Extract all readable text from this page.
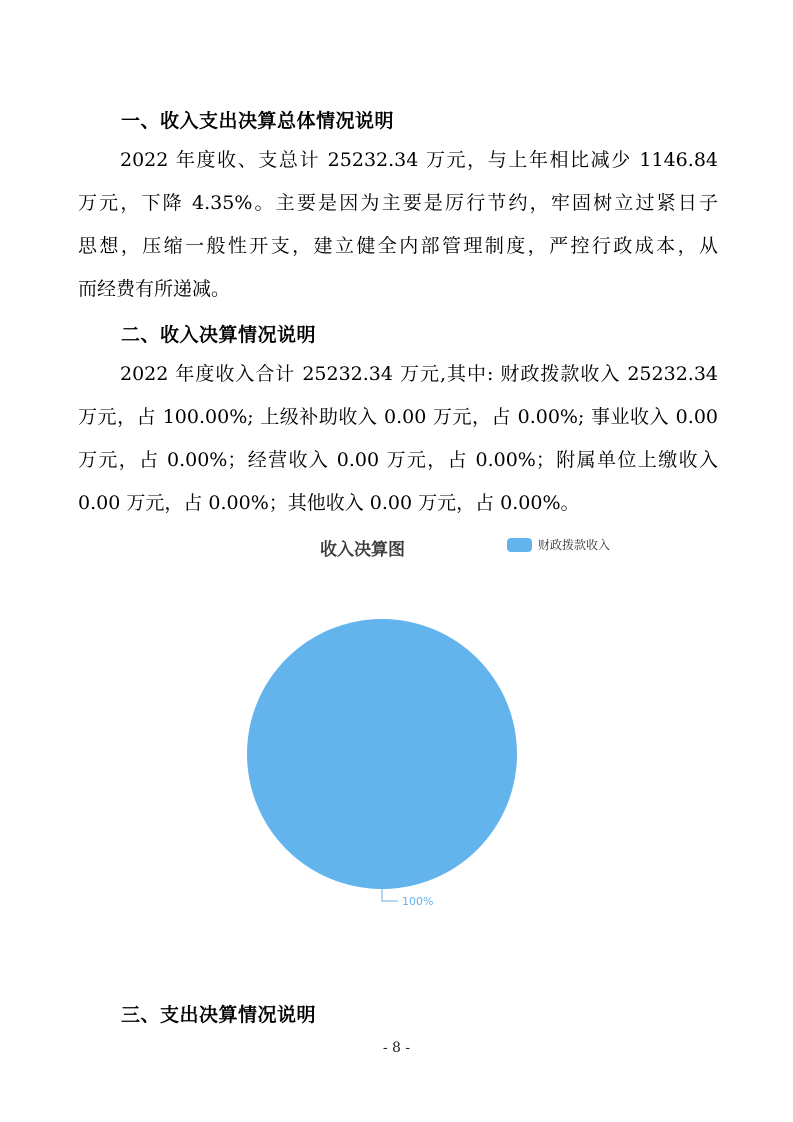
一、收入支出决算总体情况说明
2022 年度收、支总计 25232.34 万元，与上年相比减少 1146.84
万元，下降 4.35%。主要是因为主要是厉行节约，牢固树立过紧日子
思想，压缩一般性开支，建立健全内部管理制度，严控行政成本，从
而经费有所递减。
二、收入决算情况说明
2022 年度收入合计 25232.34 万元,其中: 财政拨款收入 25232.34
万元，占 100.00%; 上级补助收入 0.00 万元，占 0.00%; 事业收入 0.00
万元，占 0.00%；经营收入 0.00 万元，占 0.00%；附属单位上缴收入
0.00 万元，占 0.00%；其他收入 0.00 万元，占 0.00%。
收入决算图	财政拨款收入
100%
三、支出决算情况说明
- 8 -
